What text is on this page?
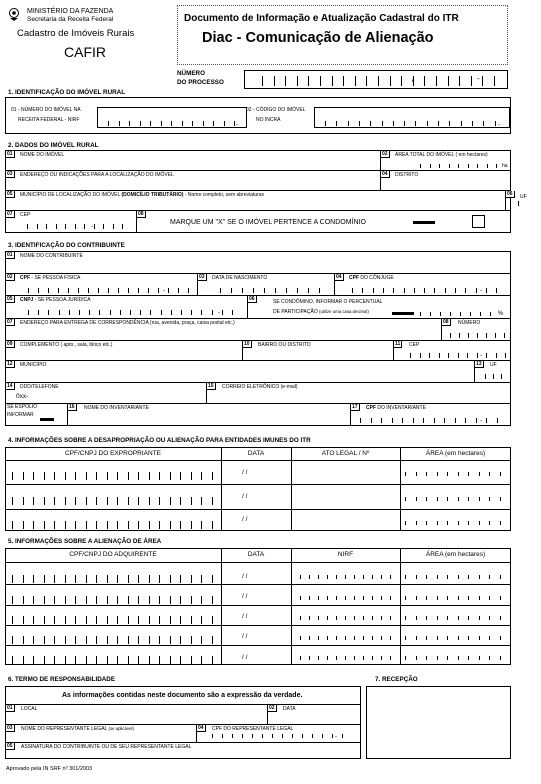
MINISTÉRIO DA FAZENDA
Secretaria da Receita Federal
Cadastro de Imóveis Rurais
CAFIR
Documento de Informação e Atualização Cadastral do ITR
Diac - Comunicação de Alienação
NÚMERO
DO PROCESSO	/	-
1. IDENTIFICAÇÃO DO IMÓVEL RURAL
01 - NÚMERO DO IMÓVEL NA
RECEITA FEDERAL - NIRF
-
02 - CÓDIGO DO IMÓVEL
NO INCRA
-
2. DADOS DO IMÓVEL RURAL
01	NOME DO IMÓVEL	02	ÁREA TOTAL DO IMÓVEL ( em hectares)
ha
03	ENDEREÇO OU INDICAÇÕES PARA A LOCALIZAÇÃO DO IMÓVEL	04	DISTRITO
05	MUNICÍPIO DE LOCALIZAÇÃO DO IMÓVEL (DOMICÍLIO TRIBUTÁRIO) - Nome completo, sem abreviaturas	06	UF
07	CEP
-
08
MARQUE UM "X" SE O IMÓVEL PERTENCE A CONDOMÍNIO
3. IDENTIFICAÇÃO DO CONTRIBUINTE
01	NOME DO CONTRIBUINTE
02	CPF - SE PESSOA FÍSICA
-
03	DATA DE NASCIMENTO	04	CPF DO CÔNJUGE
-
05	CNPJ - SE PESSOA JURÍDICA
-
06	SE CONDÔMINO, INFORMAR O PERCENTUAL
DE PARTICIPAÇÃO (utilize uma casa decimal)	%
07	ENDEREÇO PARA ENTREGA DE CORRESPONDÊNCIA (rua, avenida, praça, caixa postal etc.)	08	NÚMERO
09	COMPLEMENTO ( apto., sala, bloco etc.)	10	BAIRRO OU DISTRITO	11	CEP
-
12	MUNICÍPIO	13	UF
14	DDD/TELEFONE
0xx-
15	CORREIO ELETRÔNICO (e-mail)
SE ESPÓLIO
INFORMAR
16	NOME DO INVENTARIANTE	17	CPF DO INVENTARIANTE
-
4. INFORMAÇÕES SOBRE A DESAPROPRIAÇÃO OU ALIENAÇÃO PARA ENTIDADES IMUNES DO ITR
CPF/CNPJ DO EXPROPRIANTE	DATA	ATO LEGAL / Nº	ÁREA (em hectares)
/ /
/ /
/ /
5. INFORMAÇÕES SOBRE A ALIENAÇÃO DE ÁREA
CPF/CNPJ DO ADQUIRENTE	DATA	NIRF	ÁREA (em hectares)
/ /
/ /
/ /
/ /
/ /
6. TERMO DE RESPONSABILIDADE
As informações contidas neste documento são a expressão da verdade.
01	LOCAL	02	DATA
03	NOME DO REPRESENTANTE LEGAL (se aplicável)	04	CPF DO REPRESENTANTE LEGAL
-
05	ASSINATURA DO CONTRIBUINTE OU DE SEU REPRESENTANTE LEGAL
7. RECEPÇÃO
Aprovado pela IN SRF nº 301/2003
